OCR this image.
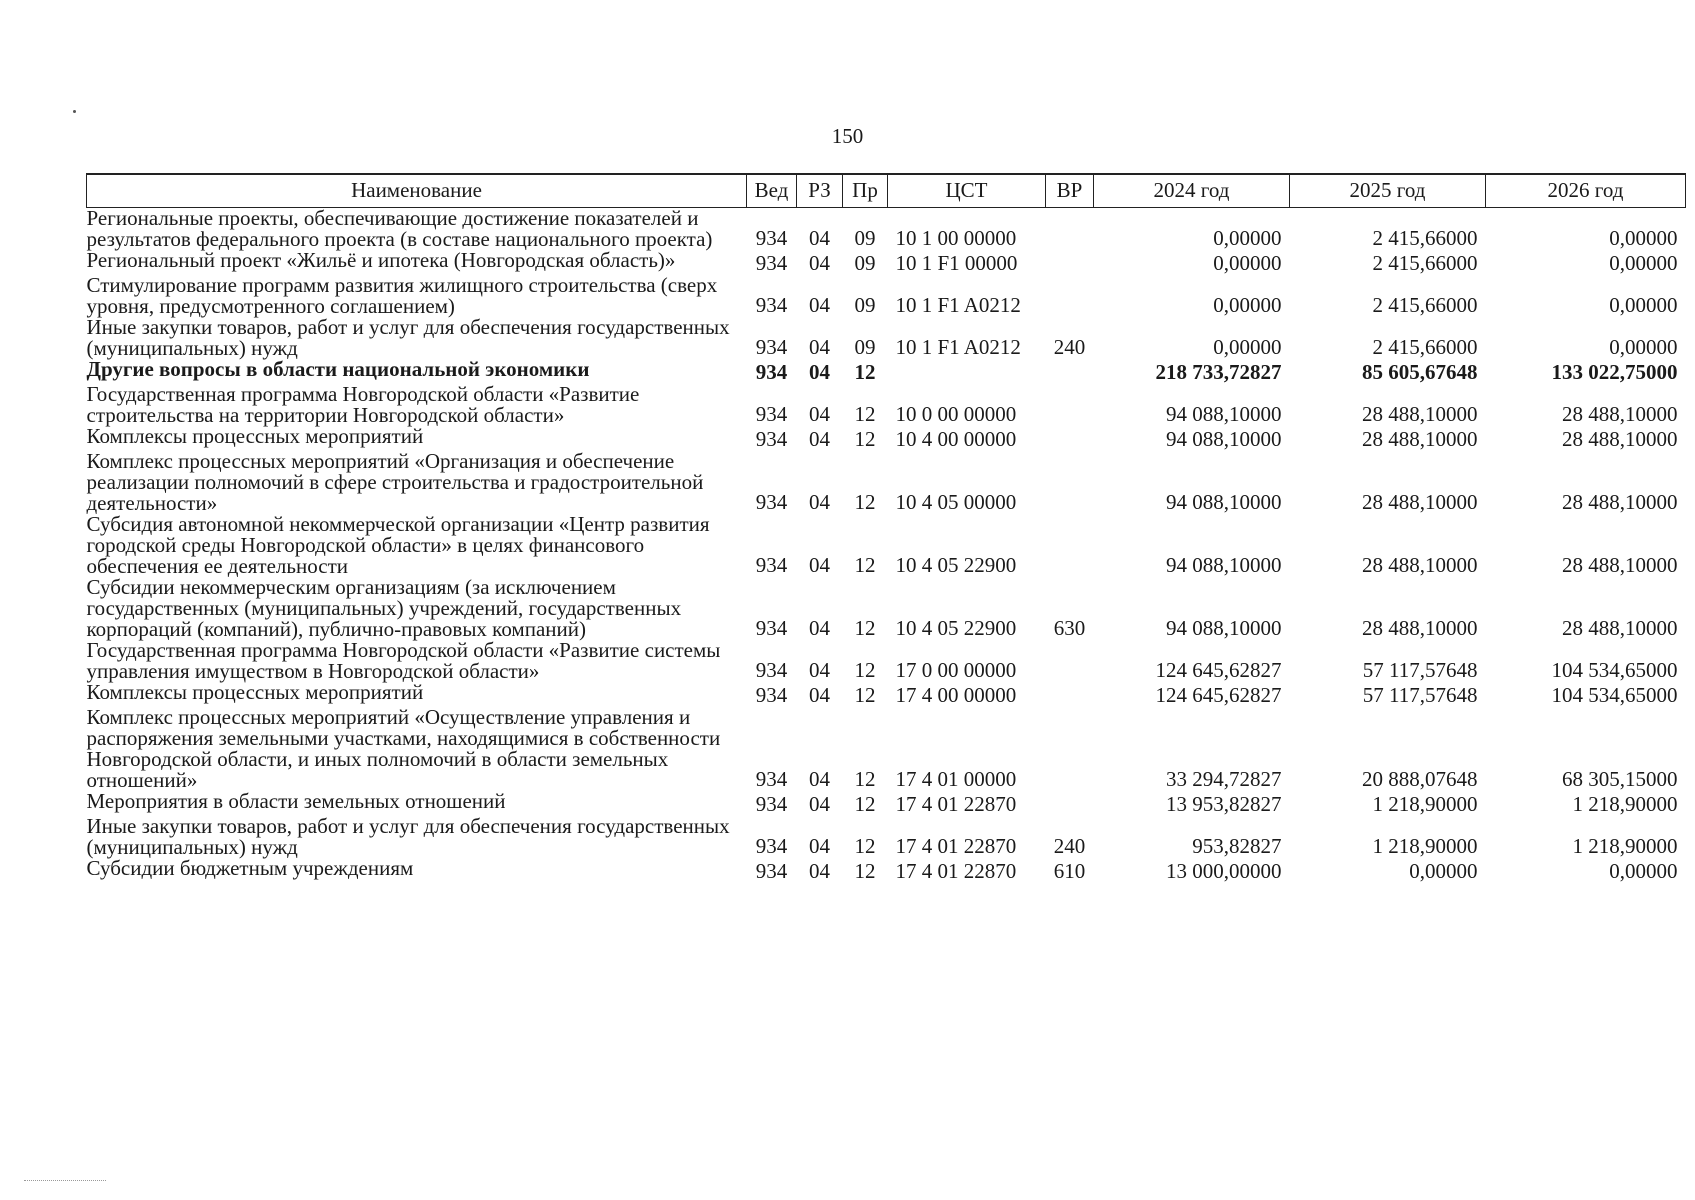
150
Наименование	Вед	РЗ	Пр	ЦСТ	ВР	2024 год	2025 год	2026 год
Региональные проекты, обеспечивающие достижение показателей и результатов федерального проекта (в составе национального проекта)	934	04	09	10 1 00 00000		0,00000	2 415,66000	0,00000
Региональный проект «Жильё и ипотека (Новгородская область)»	934	04	09	10 1 F1 00000		0,00000	2 415,66000	0,00000
Стимулирование программ развития жилищного строительства (сверх уровня, предусмотренного соглашением)	934	04	09	10 1 F1 A0212		0,00000	2 415,66000	0,00000
Иные закупки товаров, работ и услуг для обеспечения государственных (муниципальных) нужд	934	04	09	10 1 F1 A0212	240	0,00000	2 415,66000	0,00000
Другие вопросы в области национальной экономики	934	04	12			218 733,72827	85 605,67648	133 022,75000
Государственная программа Новгородской области «Развитие строительства на территории Новгородской области»	934	04	12	10 0 00 00000		94 088,10000	28 488,10000	28 488,10000
Комплексы процессных мероприятий	934	04	12	10 4 00 00000		94 088,10000	28 488,10000	28 488,10000
Комплекс процессных мероприятий «Организация и обеспечение реализации полномочий в сфере строительства и градостроительной деятельности»	934	04	12	10 4 05 00000		94 088,10000	28 488,10000	28 488,10000
Субсидия автономной некоммерческой организации «Центр развития городской среды Новгородской области» в целях финансового обеспечения ее деятельности	934	04	12	10 4 05 22900		94 088,10000	28 488,10000	28 488,10000
Субсидии некоммерческим организациям (за исключением государственных (муниципальных) учреждений, государственных корпораций (компаний), публично-правовых компаний)	934	04	12	10 4 05 22900	630	94 088,10000	28 488,10000	28 488,10000
Государственная программа Новгородской области «Развитие системы управления имуществом в Новгородской области»	934	04	12	17 0 00 00000		124 645,62827	57 117,57648	104 534,65000
Комплексы процессных мероприятий	934	04	12	17 4 00 00000		124 645,62827	57 117,57648	104 534,65000
Комплекс процессных мероприятий «Осуществление управления и распоряжения земельными участками, находящимися в собственности Новгородской области, и иных полномочий в области земельных отношений»	934	04	12	17 4 01 00000		33 294,72827	20 888,07648	68 305,15000
Мероприятия в области земельных отношений	934	04	12	17 4 01 22870		13 953,82827	1 218,90000	1 218,90000
Иные закупки товаров, работ и услуг для обеспечения государственных (муниципальных) нужд	934	04	12	17 4 01 22870	240	953,82827	1 218,90000	1 218,90000
Субсидии бюджетным учреждениям	934	04	12	17 4 01 22870	610	13 000,00000	0,00000	0,00000
